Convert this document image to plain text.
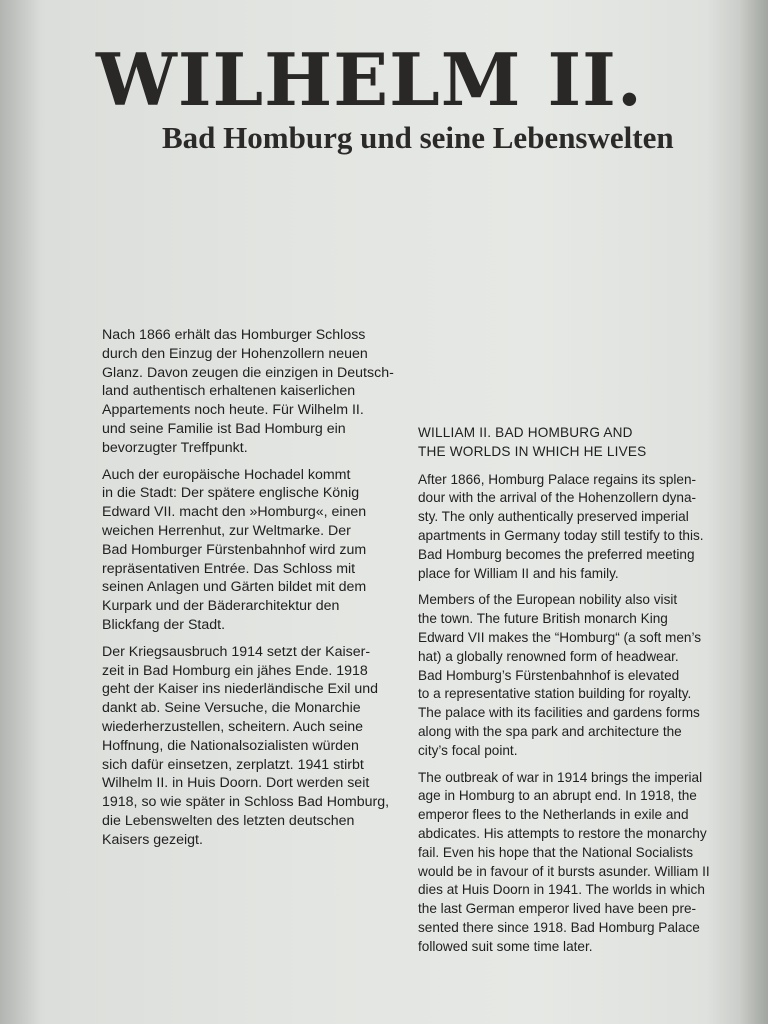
WILHELM II.
Bad Homburg und seine Lebenswelten

Nach 1866 erhält das Homburger Schloss
durch den Einzug der Hohenzollern neuen
Glanz. Davon zeugen die einzigen in Deutsch-
land authentisch erhaltenen kaiserlichen
Appartements noch heute. Für Wilhelm II.
und seine Familie ist Bad Homburg ein
bevorzugter Treffpunkt.

Auch der europäische Hochadel kommt
in die Stadt: Der spätere englische König
Edward VII. macht den »Homburg«, einen
weichen Herrenhut, zur Weltmarke. Der
Bad Homburger Fürstenbahnhof wird zum
repräsentativen Entrée. Das Schloss mit
seinen Anlagen und Gärten bildet mit dem
Kurpark und der Bäderarchitektur den
Blickfang der Stadt.

Der Kriegsausbruch 1914 setzt der Kaiser-
zeit in Bad Homburg ein jähes Ende. 1918
geht der Kaiser ins niederländische Exil und
dankt ab. Seine Versuche, die Monarchie
wiederherzustellen, scheitern. Auch seine
Hoffnung, die Nationalsozialisten würden
sich dafür einsetzen, zerplatzt. 1941 stirbt
Wilhelm II. in Huis Doorn. Dort werden seit
1918, so wie später in Schloss Bad Homburg,
die Lebenswelten des letzten deutschen
Kaisers gezeigt.

WILLIAM II. BAD HOMBURG AND
THE WORLDS IN WHICH HE LIVES

After 1866, Homburg Palace regains its splen-
dour with the arrival of the Hohenzollern dyna-
sty. The only authentically preserved imperial
apartments in Germany today still testify to this.
Bad Homburg becomes the preferred meeting
place for William II and his family.

Members of the European nobility also visit
the town. The future British monarch King
Edward VII makes the “Homburg“ (a soft men’s
hat) a globally renowned form of headwear.
Bad Homburg’s Fürstenbahnhof is elevated
to a representative station building for royalty.
The palace with its facilities and gardens forms
along with the spa park and architecture the
city’s focal point.

The outbreak of war in 1914 brings the imperial
age in Homburg to an abrupt end. In 1918, the
emperor flees to the Netherlands in exile and
abdicates. His attempts to restore the monarchy
fail. Even his hope that the National Socialists
would be in favour of it bursts asunder. William II
dies at Huis Doorn in 1941. The worlds in which
the last German emperor lived have been pre-
sented there since 1918. Bad Homburg Palace
followed suit some time later.
